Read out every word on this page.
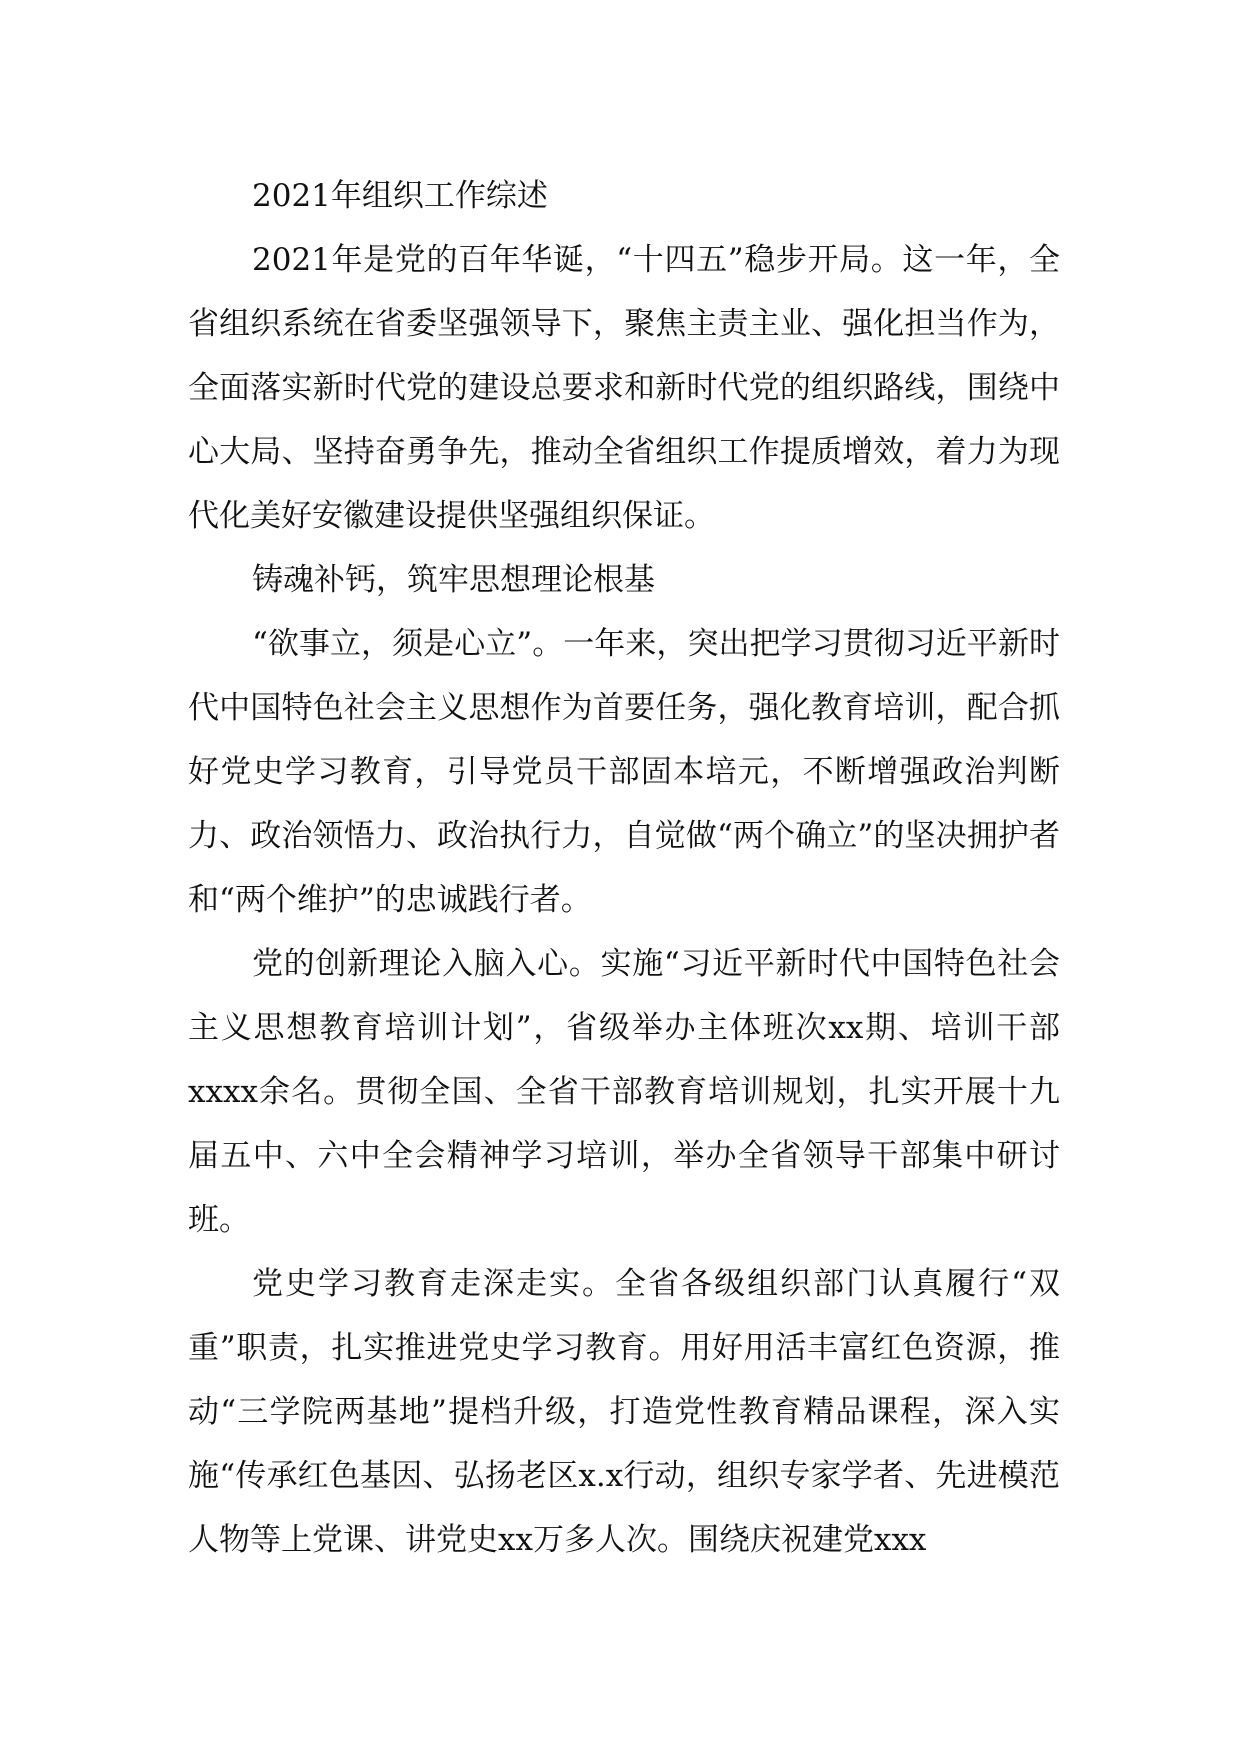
2021年组织工作综述

2021年是党的百年华诞，“十四五”稳步开局。这一年，全省组织系统在省委坚强领导下，聚焦主责主业、强化担当作为，全面落实新时代党的建设总要求和新时代党的组织路线，围绕中心大局、坚持奋勇争先，推动全省组织工作提质增效，着力为现代化美好安徽建设提供坚强组织保证。

铸魂补钙，筑牢思想理论根基

“欲事立，须是心立”。一年来，突出把学习贯彻习近平新时代中国特色社会主义思想作为首要任务，强化教育培训，配合抓好党史学习教育，引导党员干部固本培元，不断增强政治判断力、政治领悟力、政治执行力，自觉做“两个确立”的坚决拥护者和“两个维护”的忠诚践行者。

党的创新理论入脑入心。实施“习近平新时代中国特色社会主义思想教育培训计划”，省级举办主体班次xx期、培训干部xxxx余名。贯彻全国、全省干部教育培训规划，扎实开展十九届五中、六中全会精神学习培训，举办全省领导干部集中研讨班。

党史学习教育走深走实。全省各级组织部门认真履行“双重”职责，扎实推进党史学习教育。用好用活丰富红色资源，推动“三学院两基地”提档升级，打造党性教育精品课程，深入实施“传承红色基因、弘扬老区x.x行动，组织专家学者、先进模范人物等上党课、讲党史xx万多人次。围绕庆祝建党xxx
